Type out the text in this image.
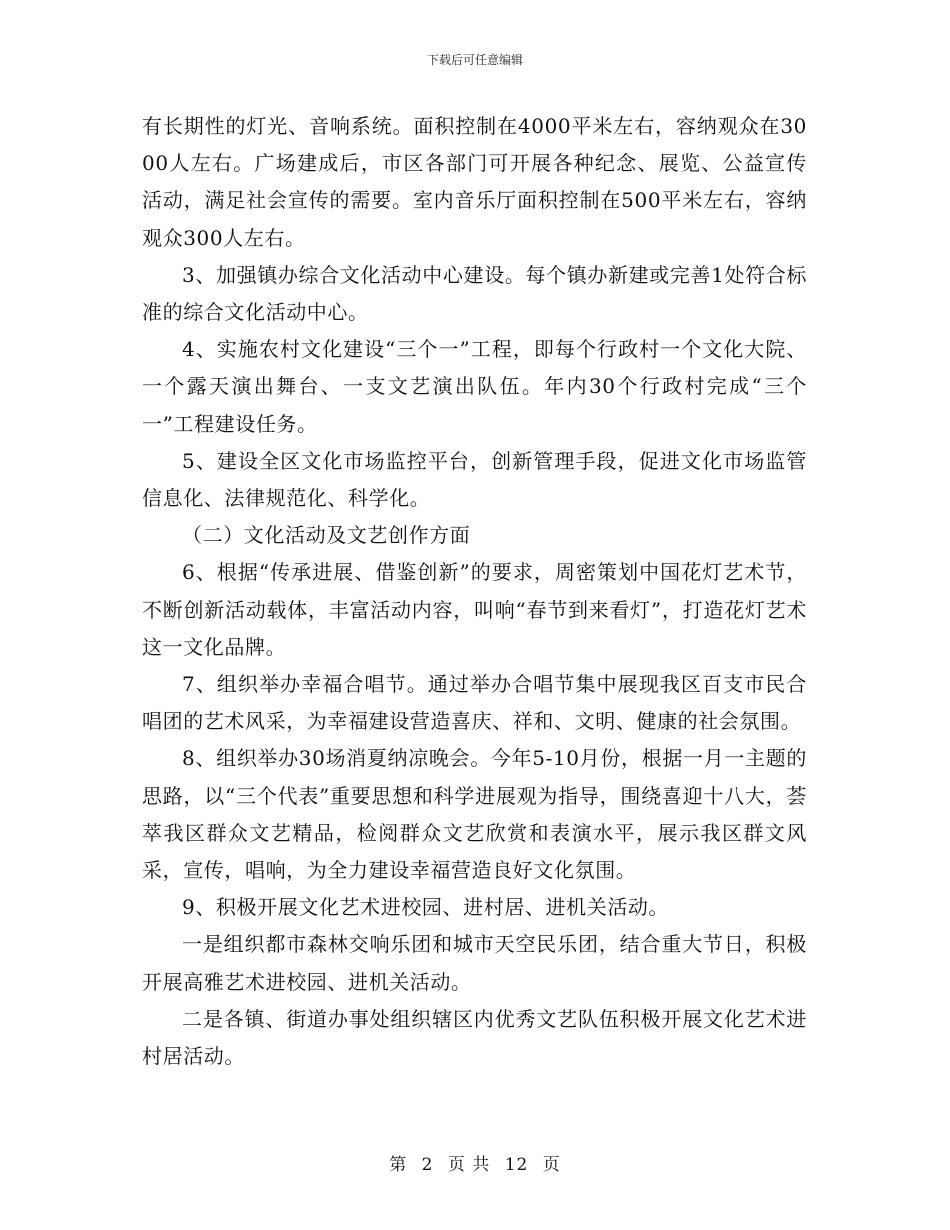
下载后可任意编辑

有长期性的灯光、音响系统。面积控制在4000平米左右，容纳观众在3000人左右。广场建成后，市区各部门可开展各种纪念、展览、公益宣传活动，满足社会宣传的需要。室内音乐厅面积控制在500平米左右，容纳观众300人左右。

3、加强镇办综合文化活动中心建设。每个镇办新建或完善1处符合标准的综合文化活动中心。

4、实施农村文化建设“三个一”工程，即每个行政村一个文化大院、一个露天演出舞台、一支文艺演出队伍。年内30个行政村完成“三个一”工程建设任务。

5、建设全区文化市场监控平台，创新管理手段，促进文化市场监管信息化、法律规范化、科学化。

（二）文化活动及文艺创作方面

6、根据“传承进展、借鉴创新”的要求，周密策划中国花灯艺术节，不断创新活动载体，丰富活动内容，叫响“春节到来看灯”，打造花灯艺术这一文化品牌。

7、组织举办幸福合唱节。通过举办合唱节集中展现我区百支市民合唱团的艺术风采，为幸福建设营造喜庆、祥和、文明、健康的社会氛围。

8、组织举办30场消夏纳凉晚会。今年5-10月份，根据一月一主题的思路，以“三个代表”重要思想和科学进展观为指导，围绕喜迎十八大，荟萃我区群众文艺精品，检阅群众文艺欣赏和表演水平，展示我区群文风采，宣传，唱响，为全力建设幸福营造良好文化氛围。

9、积极开展文化艺术进校园、进村居、进机关活动。

一是组织都市森林交响乐团和城市天空民乐团，结合重大节日，积极开展高雅艺术进校园、进机关活动。

二是各镇、街道办事处组织辖区内优秀文艺队伍积极开展文化艺术进村居活动。

第 2 页 共 12 页
